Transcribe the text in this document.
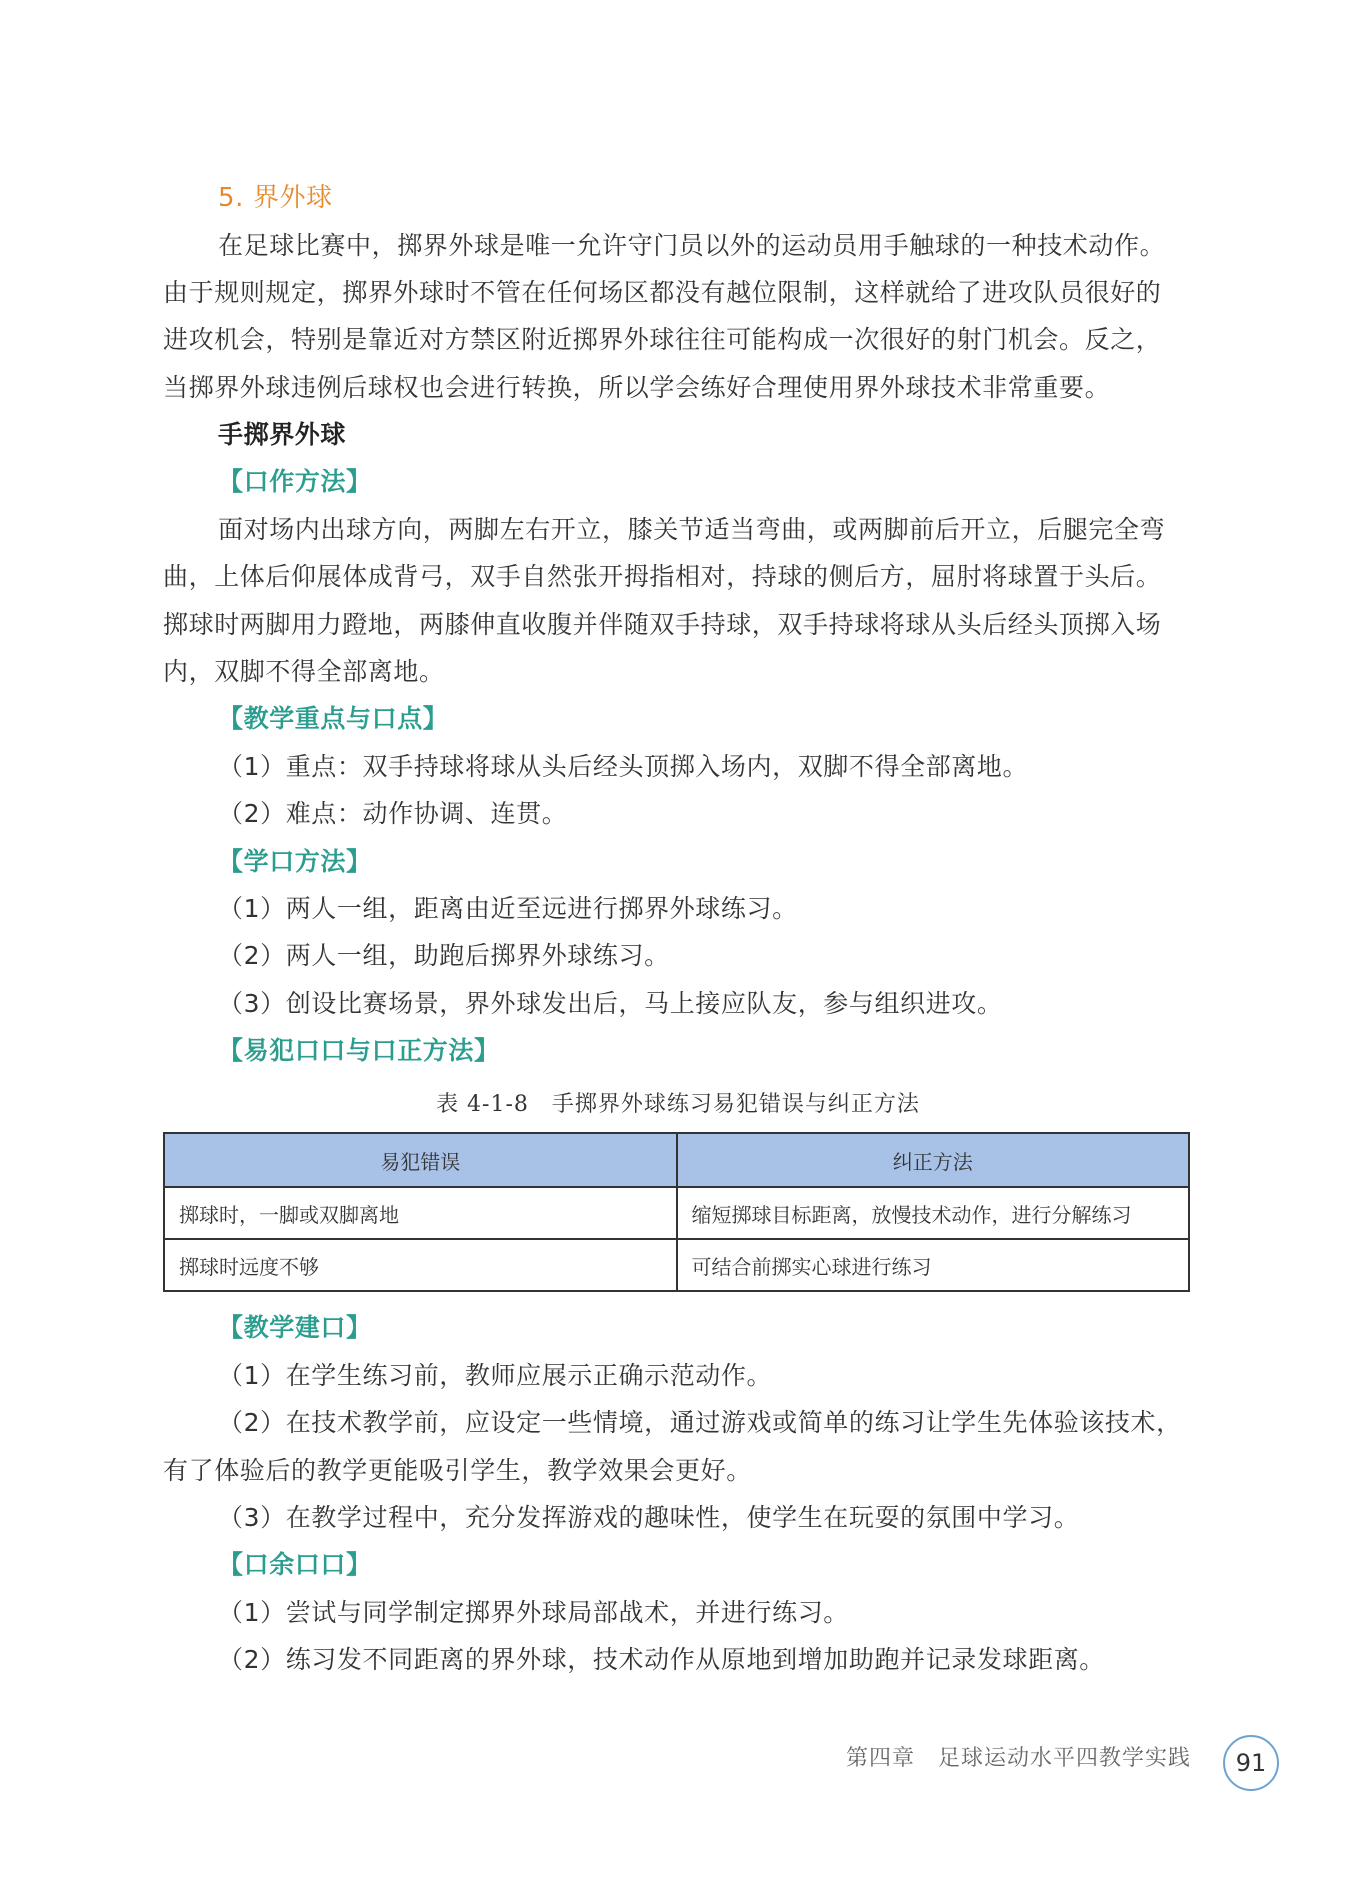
5. 界外球
在足球比赛中，掷界外球是唯一允许守门员以外的运动员用手触球的一种技术动作。
由于规则规定，掷界外球时不管在任何场区都没有越位限制，这样就给了进攻队员很好的
进攻机会，特别是靠近对方禁区附近掷界外球往往可能构成一次很好的射门机会。反之，
当掷界外球违例后球权也会进行转换，所以学会练好合理使用界外球技术非常重要。
手掷界外球
【口作方法】
面对场内出球方向，两脚左右开立，膝关节适当弯曲，或两脚前后开立，后腿完全弯
曲，上体后仰展体成背弓，双手自然张开拇指相对，持球的侧后方，屈肘将球置于头后。
掷球时两脚用力蹬地，两膝伸直收腹并伴随双手持球，双手持球将球从头后经头顶掷入场
内，双脚不得全部离地。
【教学重点与口点】
（1）重点：双手持球将球从头后经头顶掷入场内，双脚不得全部离地。
（2）难点：动作协调、连贯。
【学口方法】
（1）两人一组，距离由近至远进行掷界外球练习。
（2）两人一组，助跑后掷界外球练习。
（3）创设比赛场景，界外球发出后，马上接应队友，参与组织进攻。
【易犯口口与口正方法】
表 4-1-8　手掷界外球练习易犯错误与纠正方法
易犯错误	纠正方法
掷球时，一脚或双脚离地	缩短掷球目标距离，放慢技术动作，进行分解练习
掷球时远度不够	可结合前掷实心球进行练习
【教学建口】
（1）在学生练习前，教师应展示正确示范动作。
（2）在技术教学前，应设定一些情境，通过游戏或简单的练习让学生先体验该技术，
有了体验后的教学更能吸引学生，教学效果会更好。
（3）在教学过程中，充分发挥游戏的趣味性，使学生在玩耍的氛围中学习。
【口余口口】
（1）尝试与同学制定掷界外球局部战术，并进行练习。
（2）练习发不同距离的界外球，技术动作从原地到增加助跑并记录发球距离。
第四章　足球运动水平四教学实践	91
